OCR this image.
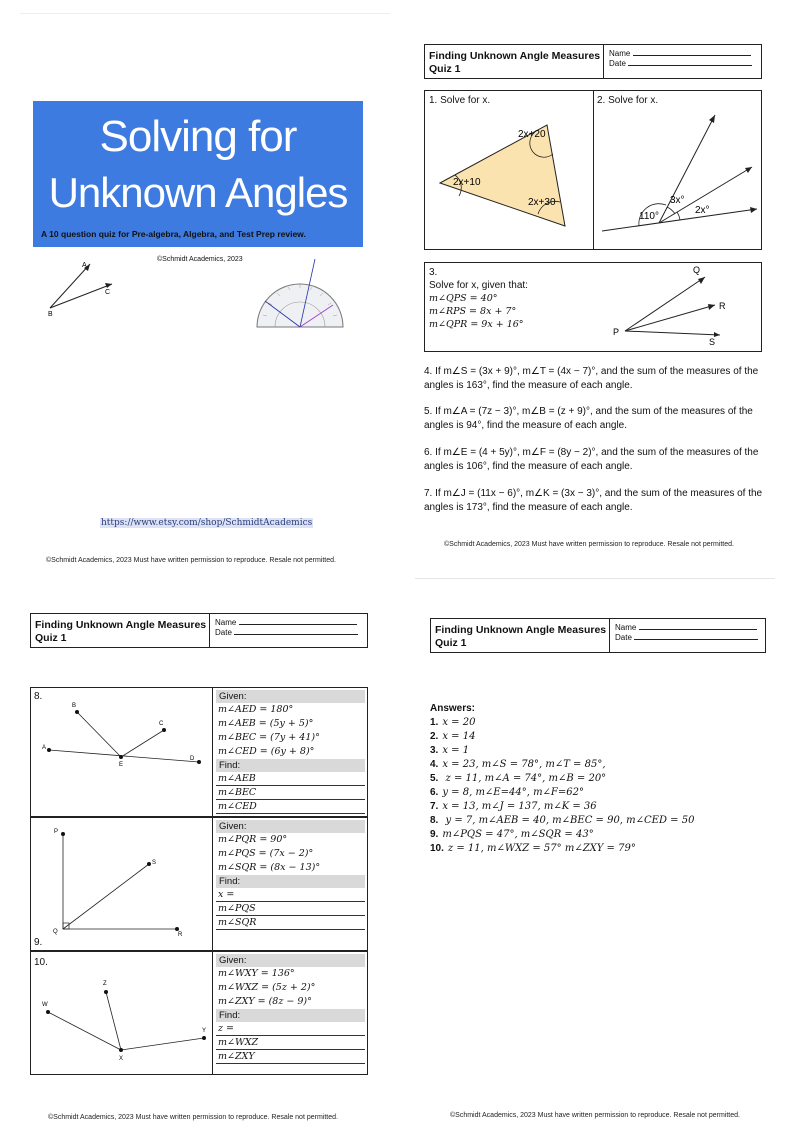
Solving for
Unknown Angles
A 10 question quiz for Pre-algebra, Algebra, and Test Prep review.
©Schmidt Academics, 2023
A
C
B
https://www.etsy.com/shop/SchmidtAcademics
©Schmidt Academics, 2023 Must have written permission to reproduce. Resale not permitted.
Finding Unknown Angle Measures
Quiz 1
Name
Date
1. Solve for x.	2. Solve for x.
2x+20
2x+10
2x+30
110°
3x°
2x°
3.
Solve for x, given that:
m∠QPS = 40°
m∠RPS = 8x + 7°
m∠QPR = 9x + 16°
Q
R
P
S
4. If m∠S = (3x + 9)°, m∠T = (4x − 7)°, and the sum of the measures of the angles is 163°, find the measure of each angle.
5. If m∠A = (7z − 3)°, m∠B = (z + 9)°, and the sum of the measures of the angles is 94°, find the measure of each angle.
6. If m∠E = (4 + 5y)°, m∠F = (8y − 2)°, and the sum of the measures of the angles is 106°, find the measure of each angle.
7. If m∠J = (11x − 6)°, m∠K = (3x − 3)°, and the sum of the measures of the angles is 173°, find the measure of each angle.
©Schmidt Academics, 2023 Must have written permission to reproduce. Resale not permitted.
Finding Unknown Angle Measures
Quiz 1
Name
Date
8.
A
B
C
D
E
Given:
m∠AED = 180°
m∠AEB = (5y + 5)°
m∠BEC = (7y + 41)°
m∠CED = (6y + 8)°
Find:
m∠AEB
m∠BEC
m∠CED
P
S
Q	R
9.
Given:
m∠PQR = 90°
m∠PQS = (7x − 2)°
m∠SQR = (8x − 13)°
Find:
x =
m∠PQS
m∠SQR
10.
Z
W
Y
X
Given:
m∠WXY = 136°
m∠WXZ = (5z + 2)°
m∠ZXY = (8z − 9)°
Find:
z =
m∠WXZ
m∠ZXY
©Schmidt Academics, 2023 Must have written permission to reproduce. Resale not permitted.
Finding Unknown Angle Measures
Quiz 1
Name
Date
Answers:
1. x = 20
2. x = 14
3. x = 1
4. x = 23, m∠S = 78°, m∠T = 85°,
5. z = 11, m∠A = 74°, m∠B = 20°
6. y = 8, m∠E=44°, m∠F=62°
7. x = 13, m∠J = 137, m∠K = 36
8. y = 7, m∠AEB = 40, m∠BEC = 90, m∠CED = 50
9. m∠PQS = 47°, m∠SQR = 43°
10. z = 11, m∠WXZ = 57° m∠ZXY = 79°
©Schmidt Academics, 2023 Must have written permission to reproduce. Resale not permitted.
